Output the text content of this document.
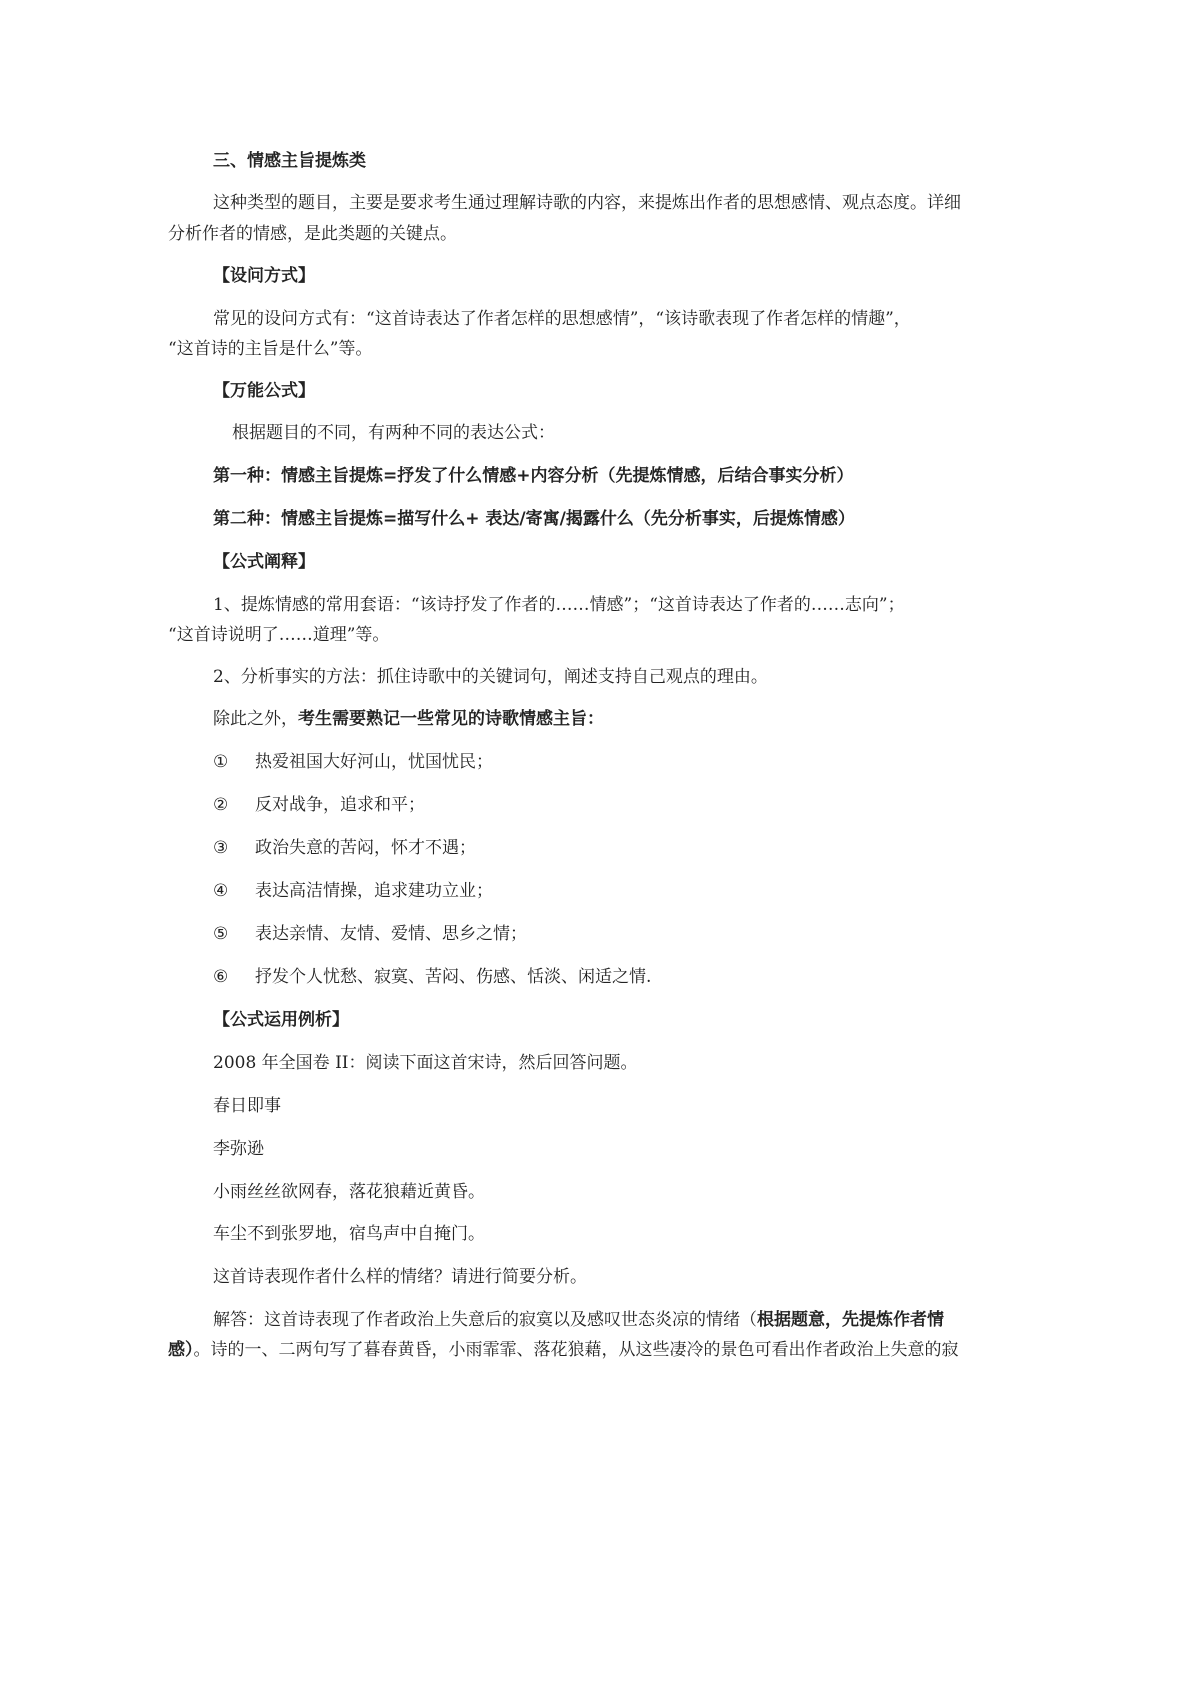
三、情感主旨提炼类

这种类型的题目，主要是要求考生通过理解诗歌的内容，来提炼出作者的思想感情、观点态度。详细

分析作者的情感，是此类题的关键点。

【设问方式】

常见的设问方式有：“这首诗表达了作者怎样的思想感情”，“该诗歌表现了作者怎样的情趣”，

“这首诗的主旨是什么”等。

【万能公式】

根据题目的不同，有两种不同的表达公式：

第一种：情感主旨提炼=抒发了什么情感+内容分析（先提炼情感，后结合事实分析）

第二种：情感主旨提炼=描写什么+ 表达/寄寓/揭露什么（先分析事实，后提炼情感）

【公式阐释】

1、提炼情感的常用套语：“该诗抒发了作者的……情感”；“这首诗表达了作者的……志向”；

“这首诗说明了……道理”等。

2、分析事实的方法：抓住诗歌中的关键词句，阐述支持自己观点的理由。

除此之外，考生需要熟记一些常见的诗歌情感主旨：

① 热爱祖国大好河山，忧国忧民；

② 反对战争，追求和平；

③ 政治失意的苦闷，怀才不遇；

④ 表达高洁情操，追求建功立业；

⑤ 表达亲情、友情、爱情、思乡之情；

⑥ 抒发个人忧愁、寂寞、苦闷、伤感、恬淡、闲适之情.

【公式运用例析】

2008 年全国卷 II：阅读下面这首宋诗，然后回答问题。

春日即事

李弥逊

小雨丝丝欲网春，落花狼藉近黄昏。

车尘不到张罗地，宿鸟声中自掩门。

这首诗表现作者什么样的情绪？请进行简要分析。

解答：这首诗表现了作者政治上失意后的寂寞以及感叹世态炎凉的情绪（根据题意，先提炼作者情

感）。诗的一、二两句写了暮春黄昏，小雨霏霏、落花狼藉，从这些凄冷的景色可看出作者政治上失意的寂
